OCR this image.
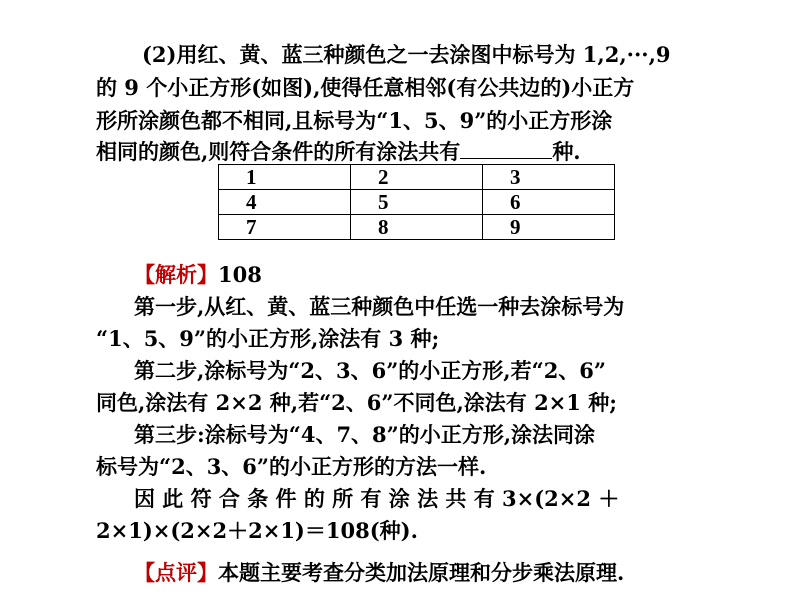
(2)用红、黄、蓝三种颜色之一去涂图中标号为 1,2,···,9
的 9 个小正方形(如图),使得任意相邻(有公共边的)小正方
形所涂颜色都不相同,且标号为“1、5、9”的小正方形涂
相同的颜色,则符合条件的所有涂法共有	种.
1	2	3
4	5	6
7	8	9
【解析】108
第一步,从红、黄、蓝三种颜色中任选一种去涂标号为
“1、5、9”的小正方形,涂法有 3 种;
第二步,涂标号为“2、3、6”的小正方形,若“2、6”
同色,涂法有 2×2 种,若“2、6”不同色,涂法有 2×1 种;
第三步:涂标号为“4、7、8”的小正方形,涂法同涂
标号为“2、3、6”的小正方形的方法一样.
因 此 符 合 条 件 的 所 有 涂 法 共 有 3×(2×2 ＋
2×1)×(2×2＋2×1)＝108(种).
【点评】本题主要考查分类加法原理和分步乘法原理.
